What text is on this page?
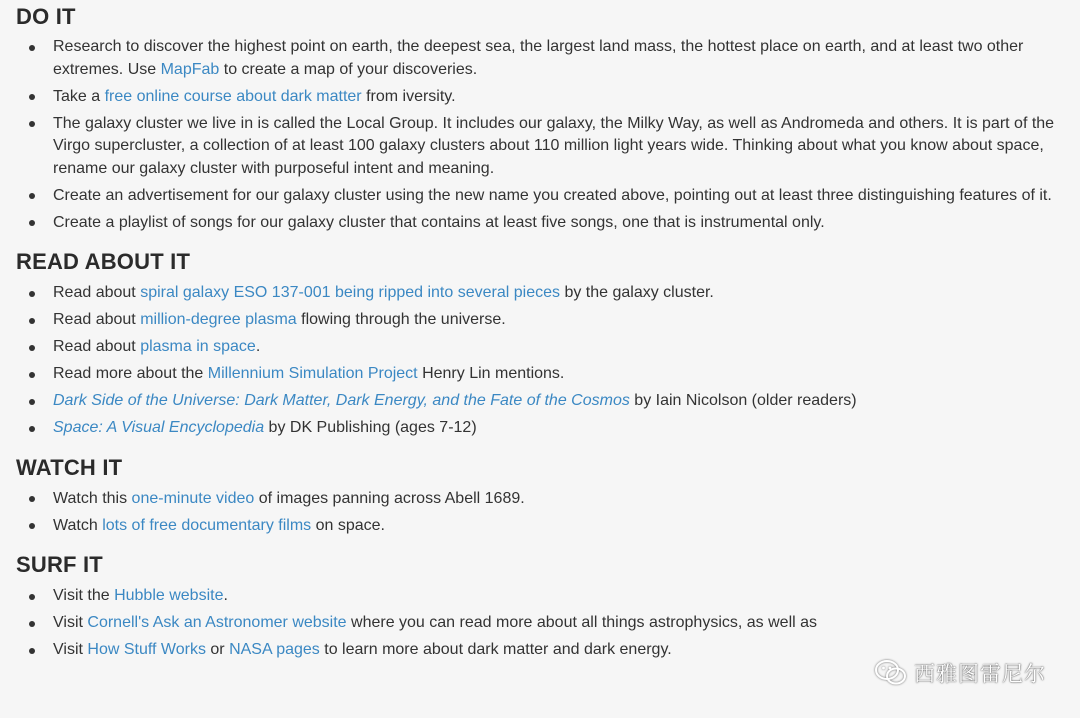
DO IT
Research to discover the highest point on earth, the deepest sea, the largest land mass, the hottest place on earth, and at least two other extremes. Use MapFab to create a map of your discoveries.
Take a free online course about dark matter from iversity.
The galaxy cluster we live in is called the Local Group. It includes our galaxy, the Milky Way, as well as Andromeda and others. It is part of the Virgo supercluster, a collection of at least 100 galaxy clusters about 110 million light years wide. Thinking about what you know about space, rename our galaxy cluster with purposeful intent and meaning.
Create an advertisement for our galaxy cluster using the new name you created above, pointing out at least three distinguishing features of it.
Create a playlist of songs for our galaxy cluster that contains at least five songs, one that is instrumental only.
READ ABOUT IT
Read about spiral galaxy ESO 137-001 being ripped into several pieces by the galaxy cluster.
Read about million-degree plasma flowing through the universe.
Read about plasma in space.
Read more about the Millennium Simulation Project Henry Lin mentions.
Dark Side of the Universe: Dark Matter, Dark Energy, and the Fate of the Cosmos by Iain Nicolson (older readers)
Space: A Visual Encyclopedia by DK Publishing (ages 7-12)
WATCH IT
Watch this one-minute video of images panning across Abell 1689.
Watch lots of free documentary films on space.
SURF IT
Visit the Hubble website.
Visit Cornell's Ask an Astronomer website where you can read more about all things astrophysics, as well as
Visit How Stuff Works or NASA pages to learn more about dark matter and dark energy.
西雅图雷尼尔
